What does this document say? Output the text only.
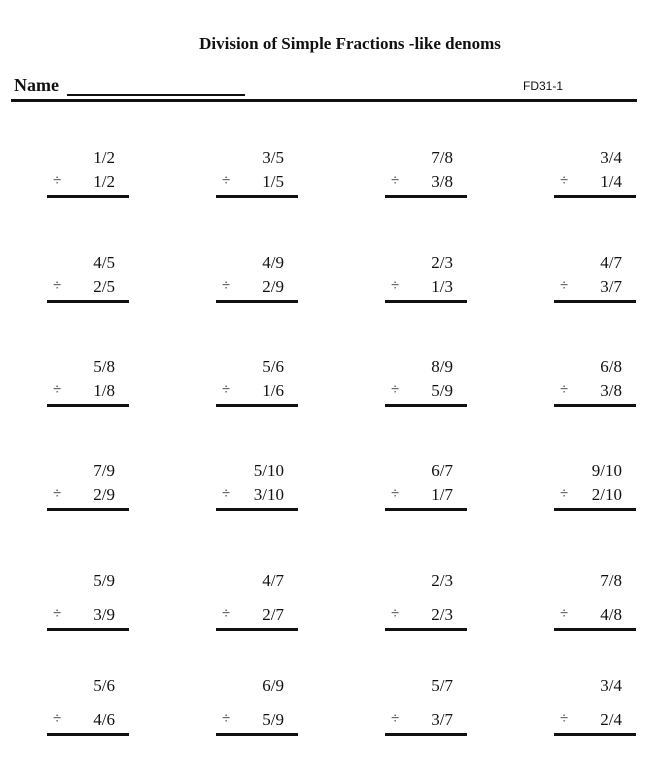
Division of Simple Fractions -like denoms
Name	FD31-1
1/2
÷ 1/2
3/5
÷ 1/5
7/8
÷ 3/8
3/4
÷ 1/4
4/5
÷ 2/5
4/9
÷ 2/9
2/3
÷ 1/3
4/7
÷ 3/7
5/8
÷ 1/8
5/6
÷ 1/6
8/9
÷ 5/9
6/8
÷ 3/8
7/9
÷ 2/9
5/10
÷ 3/10
6/7
÷ 1/7
9/10
÷ 2/10
5/9
÷ 3/9
4/7
÷ 2/7
2/3
÷ 2/3
7/8
÷ 4/8
5/6
÷ 4/6
6/9
÷ 5/9
5/7
÷ 3/7
3/4
÷ 2/4
